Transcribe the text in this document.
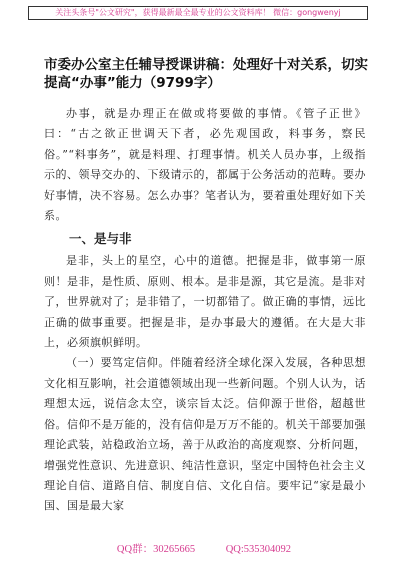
关注头条号"公文研究"，获得最新最全最专业的公文资料库！ 微信：gongwenyj
市委办公室主任辅导授课讲稿：处理好十对关系，切实提高“办事”能力（9799字）

办事，就是办理正在做或将要做的事情。《管子正世》曰：“古之欲正世调天下者，必先观国政，料事务，察民俗。”“料事务”，就是料理、打理事情。机关人员办事，上级指示的、领导交办的、下级请示的，都属于公务活动的范畴。要办好事情，决不容易。怎么办事？笔者认为，要着重处理好如下关系。

一、是与非

是非，头上的星空，心中的道德。把握是非，做事第一原则！是非，是性质、原则、根本。是非是源，其它是流。是非对了，世界就对了；是非错了，一切都错了。做正确的事情，远比正确的做事重要。把握是非，是办事最大的遵循。在大是大非上，必须旗帜鲜明。

（一）要笃定信仰。伴随着经济全球化深入发展，各种思想文化相互影响，社会道德领域出现一些新问题。个别人认为，话理想太远，说信念太空，谈宗旨太泛。信仰源于世俗，超越世俗。信仰不是万能的，没有信仰是万万不能的。机关干部要加强理论武装，站稳政治立场，善于从政治的高度观察、分析问题，增强党性意识、先进意识、纯洁性意识，坚定中国特色社会主义理论自信、道路自信、制度自信、文化自信。要牢记“家是最小国、国是最大家

QQ群：30265665	QQ:535304092
